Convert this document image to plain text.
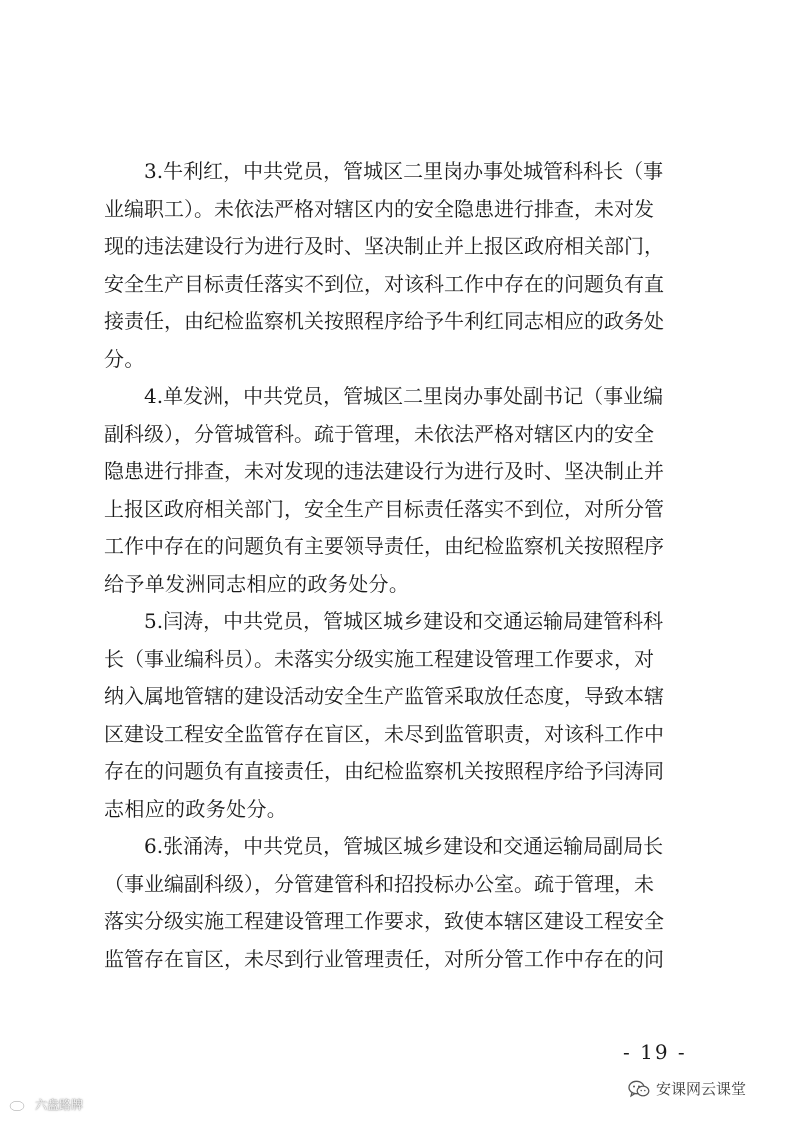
3.牛利红，中共党员，管城区二里岗办事处城管科科长（事
业编职工）。未依法严格对辖区内的安全隐患进行排查，未对发
现的违法建设行为进行及时、坚决制止并上报区政府相关部门，
安全生产目标责任落实不到位，对该科工作中存在的问题负有直
接责任，由纪检监察机关按照程序给予牛利红同志相应的政务处
分。
4.单发洲，中共党员，管城区二里岗办事处副书记（事业编
副科级），分管城管科。疏于管理，未依法严格对辖区内的安全
隐患进行排查，未对发现的违法建设行为进行及时、坚决制止并
上报区政府相关部门，安全生产目标责任落实不到位，对所分管
工作中存在的问题负有主要领导责任，由纪检监察机关按照程序
给予单发洲同志相应的政务处分。
5.闫涛，中共党员，管城区城乡建设和交通运输局建管科科
长（事业编科员）。未落实分级实施工程建设管理工作要求，对
纳入属地管辖的建设活动安全生产监管采取放任态度，导致本辖
区建设工程安全监管存在盲区，未尽到监管职责，对该科工作中
存在的问题负有直接责任，由纪检监察机关按照程序给予闫涛同
志相应的政务处分。
6.张涌涛，中共党员，管城区城乡建设和交通运输局副局长
（事业编副科级），分管建管科和招投标办公室。疏于管理，未
落实分级实施工程建设管理工作要求，致使本辖区建设工程安全
监管存在盲区，未尽到行业管理责任，对所分管工作中存在的问
- 19 -
安课网云课堂
六盘路牌
